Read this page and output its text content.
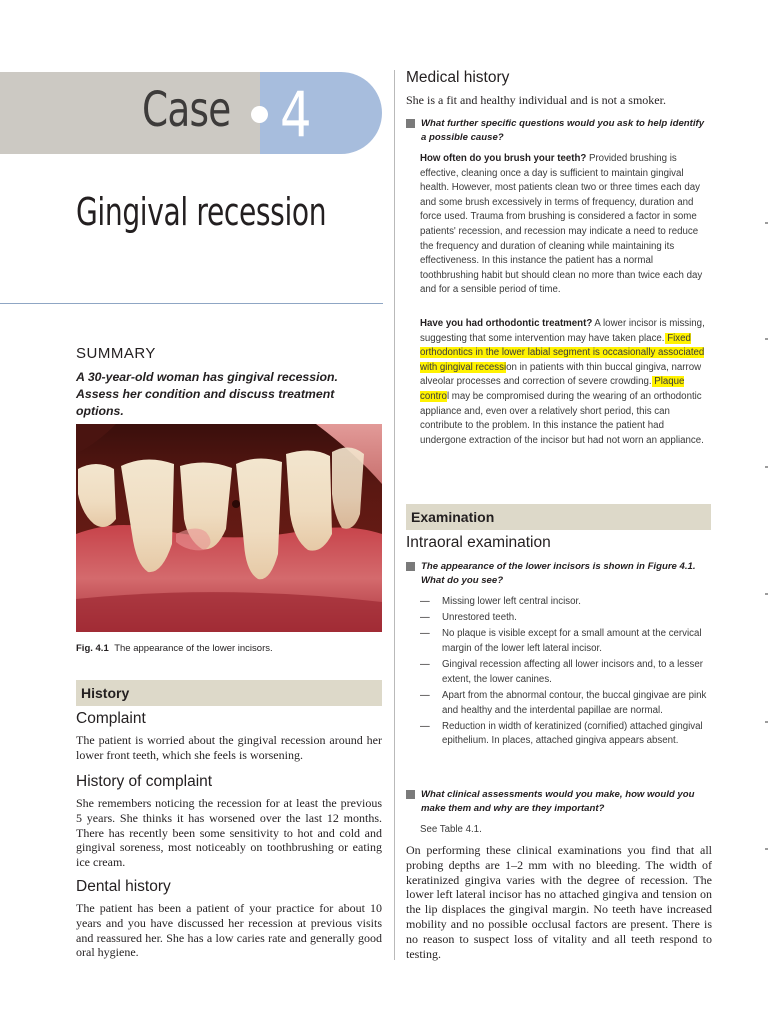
Case 4
Gingival recession
SUMMARY
A 30-year-old woman has gingival recession. Assess her condition and discuss treatment options.
Fig. 4.1 The appearance of the lower incisors.
History
Complaint
The patient is worried about the gingival recession around her lower front teeth, which she feels is worsening.
History of complaint
She remembers noticing the recession for at least the previous 5 years. She thinks it has worsened over the last 12 months. There has recently been some sensitivity to hot and cold and gingival soreness, most noticeably on toothbrushing or eating ice cream.
Dental history
The patient has been a patient of your practice for about 10 years and you have discussed her recession at previous visits and reassured her. She has a low caries rate and generally good oral hygiene.
Medical history
She is a fit and healthy individual and is not a smoker.
What further specific questions would you ask to help identify a possible cause?
How often do you brush your teeth? Provided brushing is effective, cleaning once a day is sufficient to maintain gingival health. However, most patients clean two or three times each day and some brush excessively in terms of frequency, duration and force used. Trauma from brushing is considered a factor in some patients' recession, and recession may indicate a need to reduce the frequency and duration of cleaning while maintaining its effectiveness. In this instance the patient has a normal toothbrushing habit but should clean no more than twice each day and for a sensible period of time.
Have you had orthodontic treatment? A lower incisor is missing, suggesting that some intervention may have taken place. Fixed orthodontics in the lower labial segment is occasionally associated with gingival recession in patients with thin buccal gingiva, narrow alveolar processes and correction of severe crowding. Plaque control may be compromised during the wearing of an orthodontic appliance and, even over a relatively short period, this can contribute to the problem. In this instance the patient had undergone extraction of the incisor but had not worn an appliance.
Examination
Intraoral examination
The appearance of the lower incisors is shown in Figure 4.1. What do you see?
— Missing lower left central incisor.
— Unrestored teeth.
— No plaque is visible except for a small amount at the cervical margin of the lower left lateral incisor.
— Gingival recession affecting all lower incisors and, to a lesser extent, the lower canines.
— Apart from the abnormal contour, the buccal gingivae are pink and healthy and the interdental papillae are normal.
— Reduction in width of keratinized (cornified) attached gingival epithelium. In places, attached gingiva appears absent.
What clinical assessments would you make, how would you make them and why are they important?
See Table 4.1.
On performing these clinical examinations you find that all probing depths are 1–2 mm with no bleeding. The width of keratinized gingiva varies with the degree of recession. The lower left lateral incisor has no attached gingiva and tension on the lip displaces the gingival margin. No teeth have increased mobility and no possible occlusal factors are present. There is no reason to suspect loss of vitality and all teeth respond to testing.
